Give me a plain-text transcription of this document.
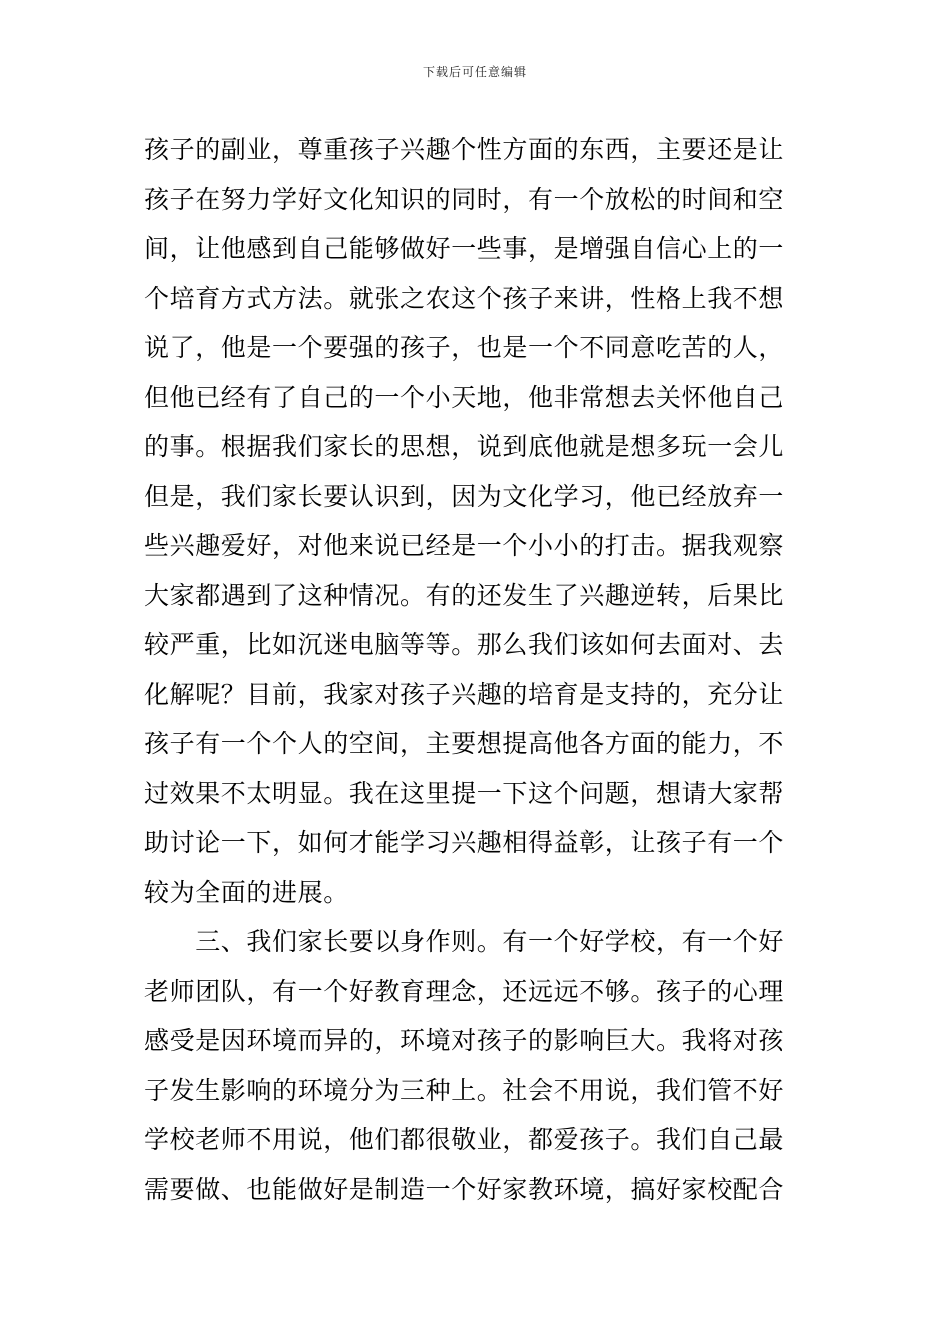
下载后可任意编辑
孩子的副业，尊重孩子兴趣个性方面的东西，主要还是让
孩子在努力学好文化知识的同时，有一个放松的时间和空
间，让他感到自己能够做好一些事，是增强自信心上的一
个培育方式方法。就张之农这个孩子来讲，性格上我不想
说了，他是一个要强的孩子，也是一个不同意吃苦的人，
但他已经有了自己的一个小天地，他非常想去关怀他自己
的事。根据我们家长的思想，说到底他就是想多玩一会儿
但是，我们家长要认识到，因为文化学习，他已经放弃一
些兴趣爱好，对他来说已经是一个小小的打击。据我观察
大家都遇到了这种情况。有的还发生了兴趣逆转，后果比
较严重，比如沉迷电脑等等。那么我们该如何去面对、去
化解呢？目前，我家对孩子兴趣的培育是支持的，充分让
孩子有一个个人的空间，主要想提高他各方面的能力，不
过效果不太明显。我在这里提一下这个问题，想请大家帮
助讨论一下，如何才能学习兴趣相得益彰，让孩子有一个
较为全面的进展。
　　三、我们家长要以身作则。有一个好学校，有一个好
老师团队，有一个好教育理念，还远远不够。孩子的心理
感受是因环境而异的，环境对孩子的影响巨大。我将对孩
子发生影响的环境分为三种上。社会不用说，我们管不好
学校老师不用说，他们都很敬业，都爱孩子。我们自己最
需要做、也能做好是制造一个好家教环境，搞好家校配合
